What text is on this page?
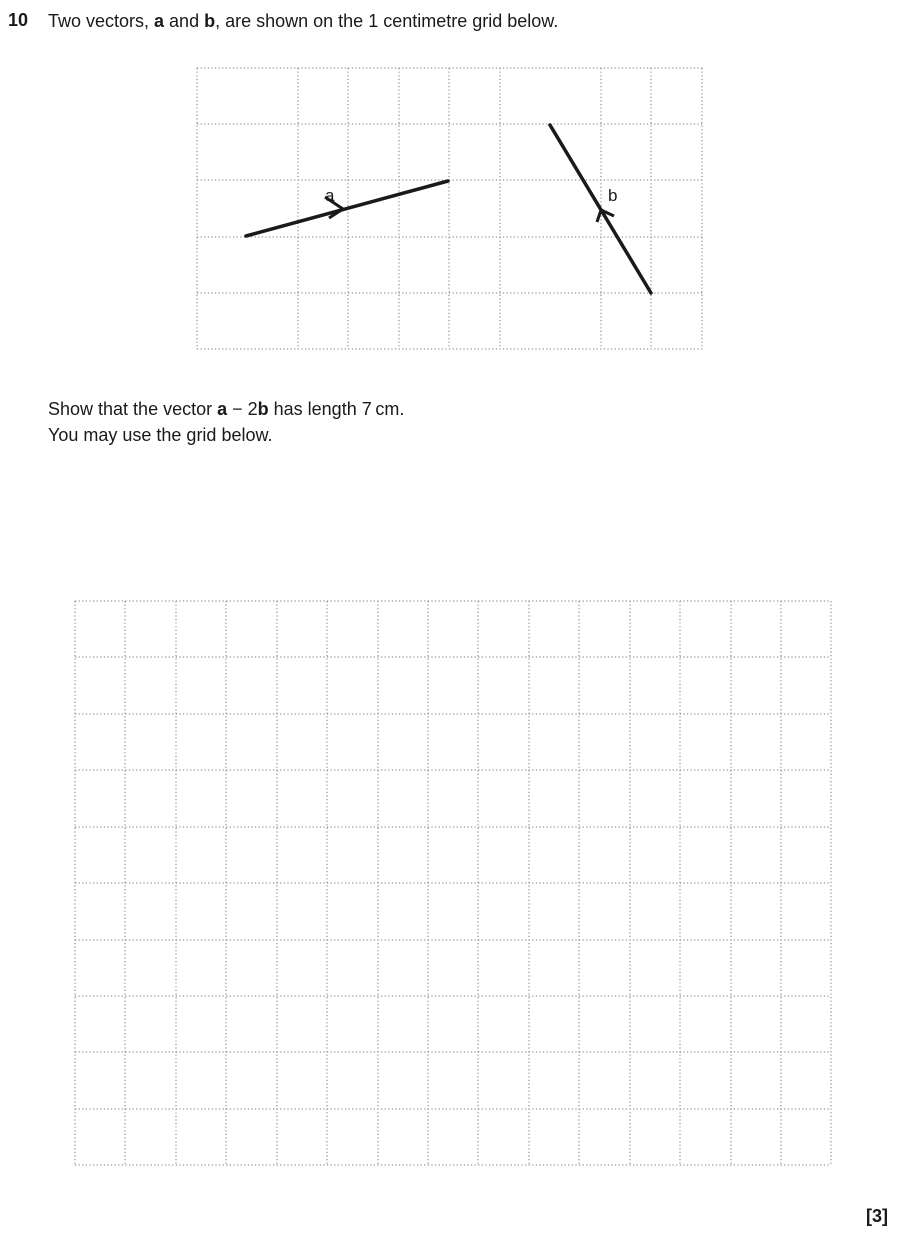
10 Two vectors, a and b, are shown on the 1 centimetre grid below.
a	b
Show that the vector a − 2b has length 7 cm.
You may use the grid below.
[3]
